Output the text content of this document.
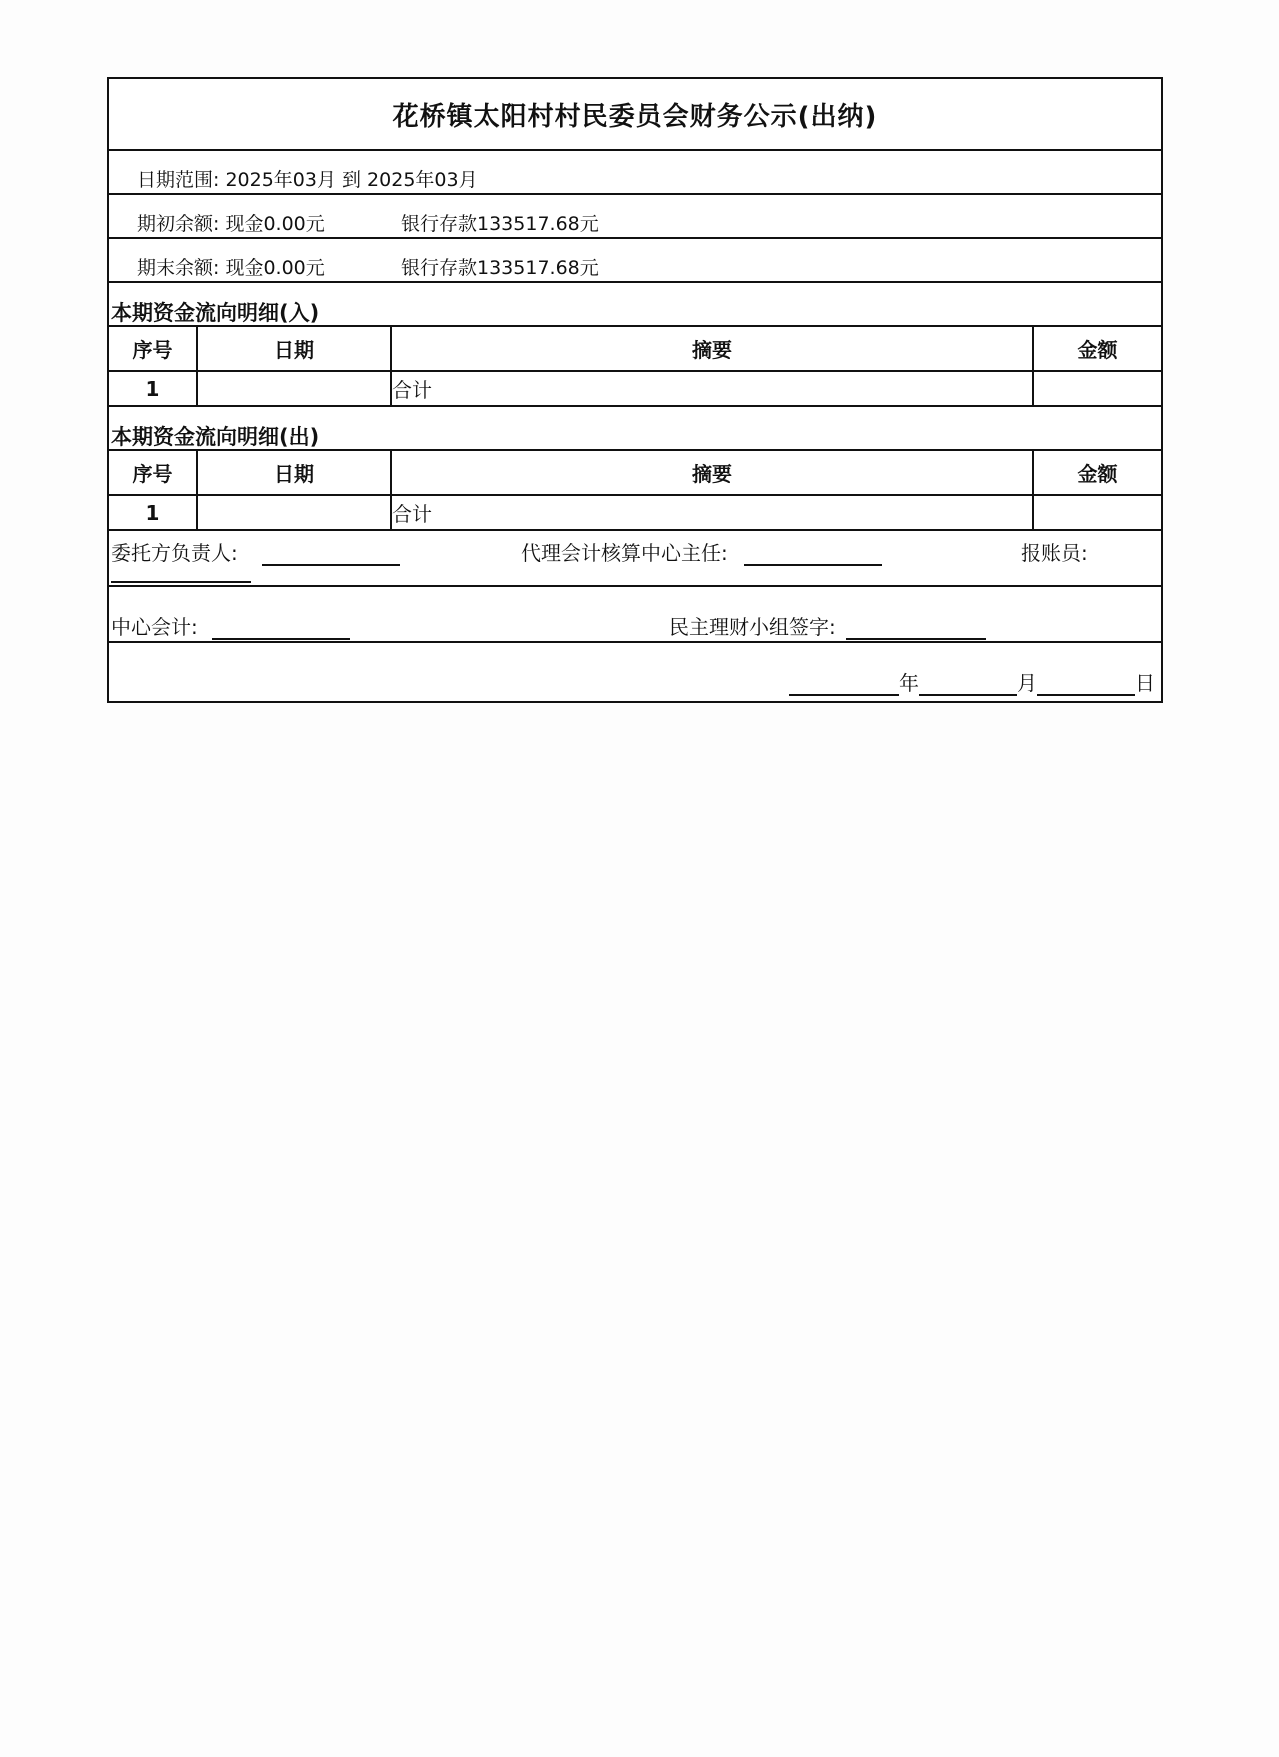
花桥镇太阳村村民委员会财务公示(出纳)
日期范围: 2025年03月 到 2025年03月
期初余额: 现金0.00元	银行存款133517.68元
期末余额: 现金0.00元	银行存款133517.68元
本期资金流向明细(入)
序号	日期	摘要	金额
1		合计	
本期资金流向明细(出)
序号	日期	摘要	金额
1		合计	
委托方负责人:	代理会计核算中心主任:	报账员:
中心会计:	民主理财小组签字:
年	月	日
